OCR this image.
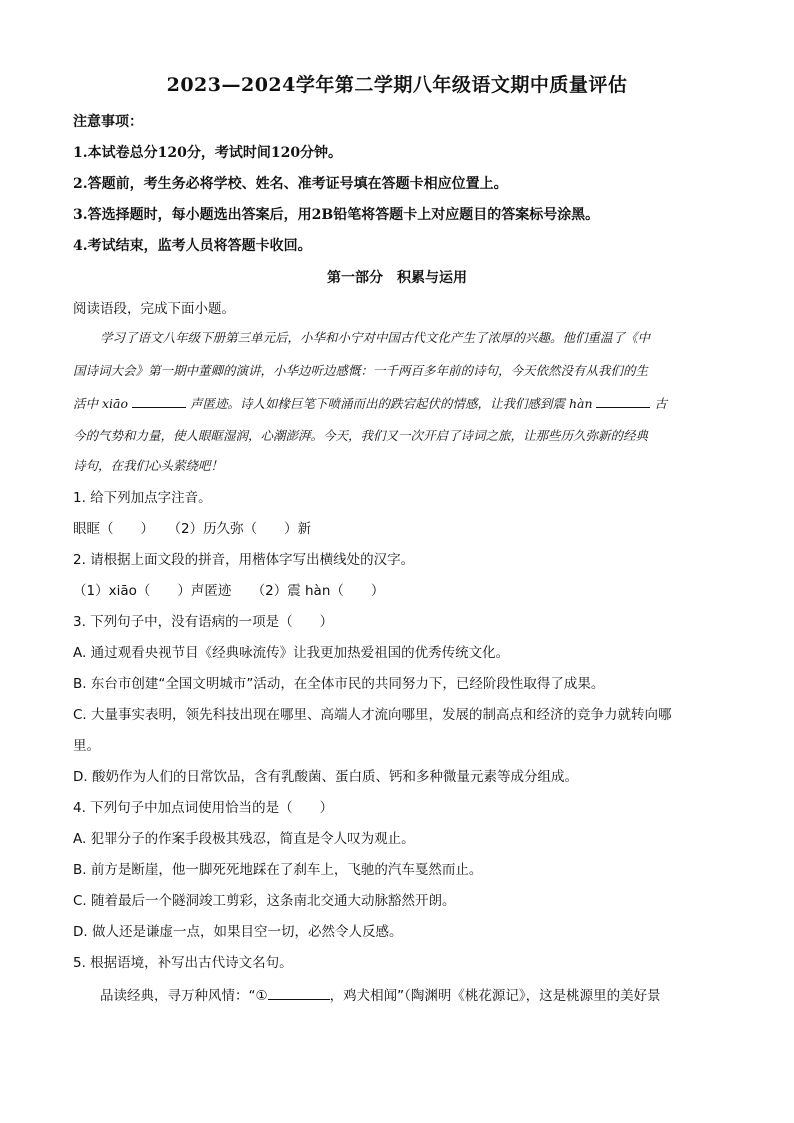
2023—2024学年第二学期八年级语文期中质量评估
注意事项：
1.本试卷总分120分，考试时间120分钟。
2.答题前，考生务必将学校、姓名、准考证号填在答题卡相应位置上。
3.答选择题时，每小题选出答案后，用2B铅笔将答题卡上对应题目的答案标号涂黑。
4.考试结束，监考人员将答题卡收回。
第一部分　积累与运用
阅读语段，完成下面小题。
学习了语文八年级下册第三单元后，小华和小宁对中国古代文化产生了浓厚的兴趣。他们重温了《中
国诗词大会》第一期中董卿的演讲，小华边听边感慨：一千两百多年前的诗句，今天依然没有从我们的生
活中 xiāo	声匿迹。诗人如椽巨笔下喷涌而出的跌宕起伏的情感，让我们感到震 hàn	古
今的气势和力量，使人眼眶湿润，心潮澎湃。今天，我们又一次开启了诗词之旅，让那些历久弥新的经典
诗句，在我们心头萦绕吧！
1. 给下列加点字注音。
眼眶（　　）　　（2）历久弥（　　）新
2. 请根据上面文段的拼音，用楷体字写出横线处的汉字。
（1）xiāo（　　）声匿迹　　（2）震 hàn（　　）
3. 下列句子中，没有语病的一项是（　　）
A. 通过观看央视节目《经典咏流传》让我更加热爱祖国的优秀传统文化。
B. 东台市创建“全国文明城市”活动，在全体市民的共同努力下，已经阶段性取得了成果。
C. 大量事实表明，领先科技出现在哪里、高端人才流向哪里，发展的制高点和经济的竞争力就转向哪
里。
D. 酸奶作为人们的日常饮品，含有乳酸菌、蛋白质、钙和多种微量元素等成分组成。
4. 下列句子中加点词使用恰当的是（　　）
A. 犯罪分子的作案手段极其残忍，简直是令人叹为观止。
B. 前方是断崖，他一脚死死地踩在了刹车上，飞驰的汽车戛然而止。
C. 随着最后一个隧洞竣工剪彩，这条南北交通大动脉豁然开朗。
D. 做人还是谦虚一点，如果目空一切，必然令人反感。
5. 根据语境，补写出古代诗文名句。
品读经典，寻万种风情：“①	，鸡犬相闻”（陶渊明《桃花源记》，这是桃源里的美好景
